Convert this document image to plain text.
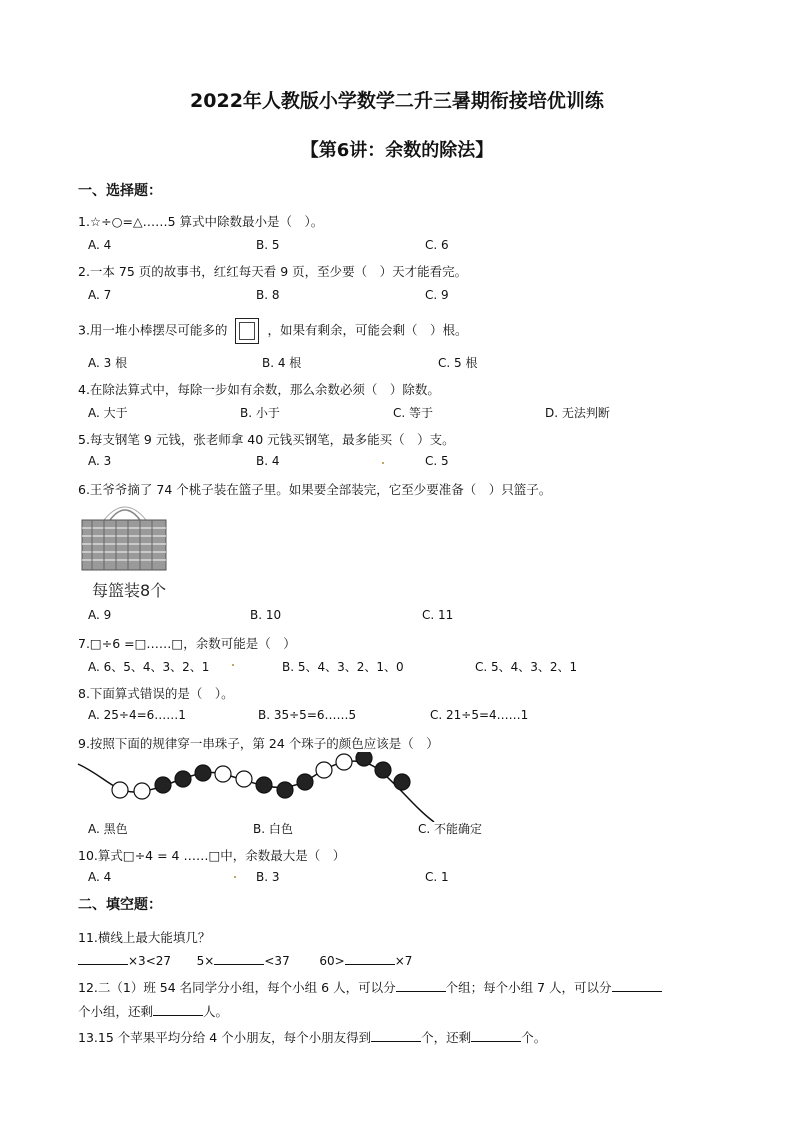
2022年人教版小学数学二升三暑期衔接培优训练
【第6讲：余数的除法】
一、选择题：
1.☆÷○=△……5 算式中除数最小是（　）。
A. 4	B. 5	C. 6
2.一本 75 页的故事书，红红每天看 9 页，至少要（　）天才能看完。
A. 7	B. 8	C. 9
3.用一堆小棒摆尽可能多的	，如果有剩余，可能会剩（　）根。
A. 3 根	B. 4 根	C. 5 根
4.在除法算式中，每除一步如有余数，那么余数必须（　）除数。
A. 大于	B. 小于	C. 等于	D. 无法判断
5.每支钢笔 9 元钱，张老师拿 40 元钱买钢笔，最多能买（　）支。
A. 3	B. 4	C. 5
6.王爷爷摘了 74 个桃子装在篮子里。如果要全部装完，它至少要准备（　）只篮子。
每篮装8个
A. 9	B. 10	C. 11
7.□÷6 =□……□，余数可能是（　）
A. 6、5、4、3、2、1	B. 5、4、3、2、1、0	C. 5、4、3、2、1
8.下面算式错误的是（　）。
A. 25÷4=6……1	B. 35÷5=6……5	C. 21÷5=4……1
9.按照下面的规律穿一串珠子，第 24 个珠子的颜色应该是（　）
A. 黑色	B. 白色	C. 不能确定
10.算式□÷4 = 4 ……□中，余数最大是（　）
A. 4	B. 3	C. 1
二、填空题：
11.横线上最大能填几？
×3<27 5×	<37 60>	×7
12.二（1）班 54 名同学分小组，每个小组 6 人，可以分	个组；每个小组 7 人，可以分
个小组，还剩	人。
13.15 个苹果平均分给 4 个小朋友，每个小朋友得到	个，还剩	个。
